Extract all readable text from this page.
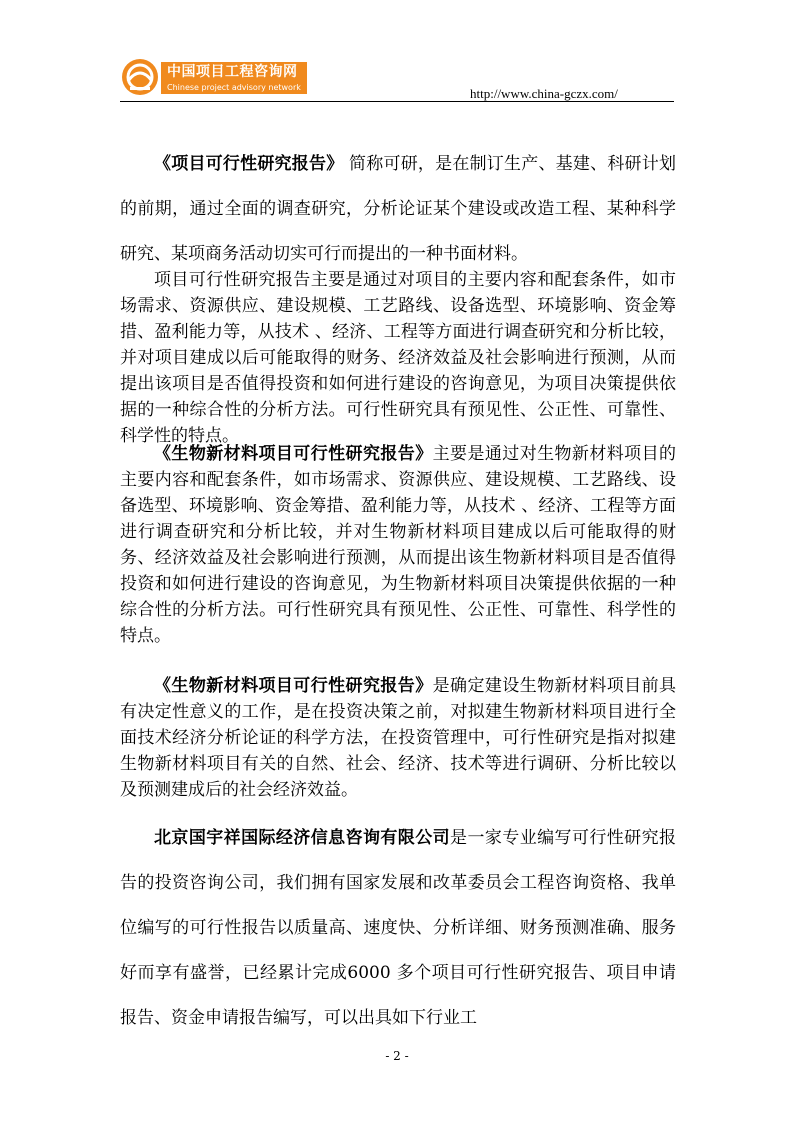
中国项目工程咨询网
Chinese project advisory network	http://www.china-gczx.com/

《项目可行性研究报告》 简称可研，是在制订生产、基建、科研计划的前期，通过全面的调查研究，分析论证某个建设或改造工程、某种科学研究、某项商务活动切实可行而提出的一种书面材料。

项目可行性研究报告主要是通过对项目的主要内容和配套条件，如市场需求、资源供应、建设规模、工艺路线、设备选型、环境影响、资金筹措、盈利能力等，从技术 、经济、工程等方面进行调查研究和分析比较，并对项目建成以后可能取得的财务、经济效益及社会影响进行预测，从而提出该项目是否值得投资和如何进行建设的咨询意见，为项目决策提供依据的一种综合性的分析方法。可行性研究具有预见性、公正性、可靠性、科学性的特点。

《生物新材料项目可行性研究报告》主要是通过对生物新材料项目的主要内容和配套条件，如市场需求、资源供应、建设规模、工艺路线、设备选型、环境影响、资金筹措、盈利能力等，从技术 、经济、工程等方面进行调查研究和分析比较，并对生物新材料项目建成以后可能取得的财务、经济效益及社会影响进行预测，从而提出该生物新材料项目是否值得投资和如何进行建设的咨询意见，为生物新材料项目决策提供依据的一种综合性的分析方法。可行性研究具有预见性、公正性、可靠性、科学性的特点。

《生物新材料项目可行性研究报告》是确定建设生物新材料项目前具有决定性意义的工作，是在投资决策之前，对拟建生物新材料项目进行全面技术经济分析论证的科学方法，在投资管理中，可行性研究是指对拟建生物新材料项目有关的自然、社会、经济、技术等进行调研、分析比较以及预测建成后的社会经济效益。

北京国宇祥国际经济信息咨询有限公司是一家专业编写可行性研究报告的投资咨询公司，我们拥有国家发展和改革委员会工程咨询资格、我单位编写的可行性报告以质量高、速度快、分析详细、财务预测准确、服务好而享有盛誉，已经累计完成6000 多个项目可行性研究报告、项目申请报告、资金申请报告编写，可以出具如下行业工

- 2 -
